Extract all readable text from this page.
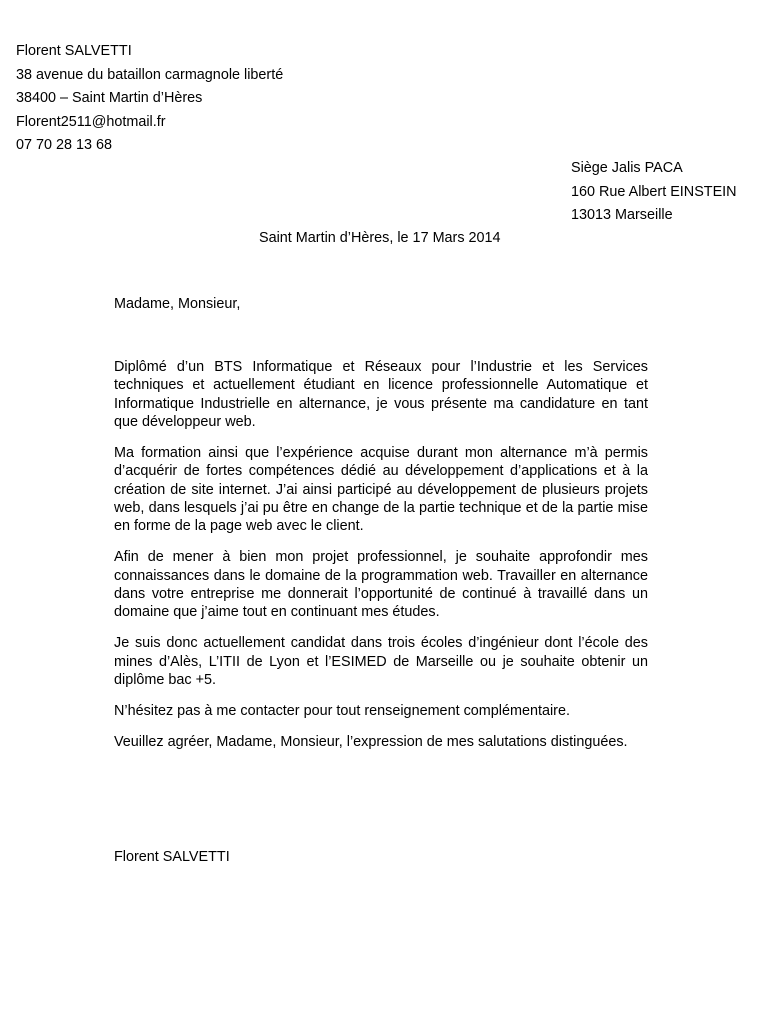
Florent SALVETTI
38 avenue du bataillon carmagnole liberté
38400 – Saint Martin d’Hères
Florent2511@hotmail.fr
07 70 28 13 68
Siège Jalis PACA
160 Rue Albert EINSTEIN
13013 Marseille
Saint Martin d’Hères, le 17 Mars 2014
Madame, Monsieur,

Diplômé d’un BTS Informatique et Réseaux pour l’Industrie et les Services techniques et actuellement étudiant en licence professionnelle Automatique et Informatique Industrielle en alternance, je vous présente ma candidature en tant que développeur web.

Ma formation ainsi que l’expérience acquise durant mon alternance m’à permis d’acquérir de fortes compétences dédié au développement d’applications et à la création de site internet. J’ai ainsi participé au développement de plusieurs projets web, dans lesquels j’ai pu être en change de la partie technique et de la partie mise en forme de la page web avec le client.

Afin de mener à bien mon projet professionnel, je souhaite approfondir mes connaissances dans le domaine de la programmation web. Travailler en alternance dans votre entreprise me donnerait l’opportunité de continué à travaillé dans un domaine que j’aime tout en continuant mes études.

Je suis donc actuellement candidat dans trois écoles d’ingénieur dont l’école des mines d’Alès, L’ITII de Lyon et l’ESIMED de Marseille ou je souhaite obtenir un diplôme bac +5.

N’hésitez pas à me contacter pour tout renseignement complémentaire.

Veuillez agréer, Madame, Monsieur, l’expression de mes salutations distinguées.

Florent SALVETTI
